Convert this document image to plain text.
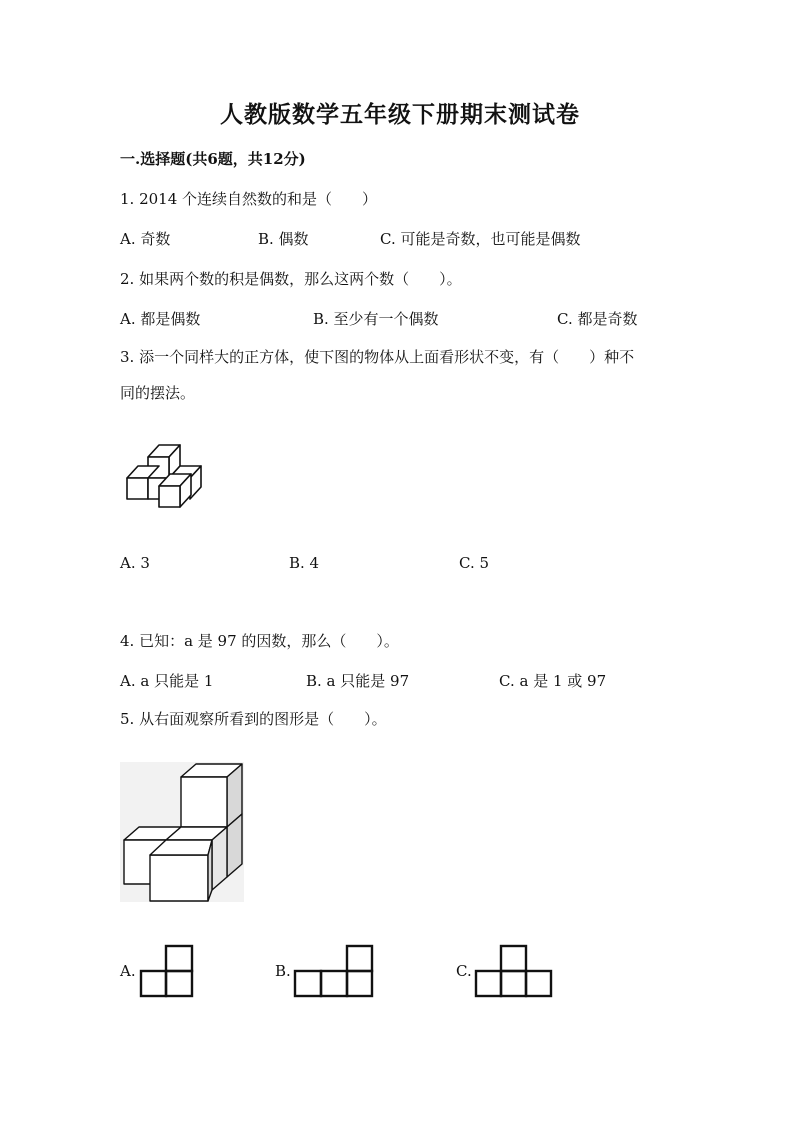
人教版数学五年级下册期末测试卷
一.选择题(共6题，共12分)
1. 2014 个连续自然数的和是（　　）
A. 奇数	B. 偶数	C. 可能是奇数，也可能是偶数
2. 如果两个数的积是偶数，那么这两个数（　　）。
A. 都是偶数	B. 至少有一个偶数	C. 都是奇数
3. 添一个同样大的正方体，使下图的物体从上面看形状不变，有（　　）种不
同的摆法。
A. 3	B. 4	C. 5
4. 已知：a 是 97 的因数，那么（　　）。
A. a 只能是 1	B. a 只能是 97	C. a 是 1 或 97
5. 从右面观察所看到的图形是（　　）。
A.	B.	C.
